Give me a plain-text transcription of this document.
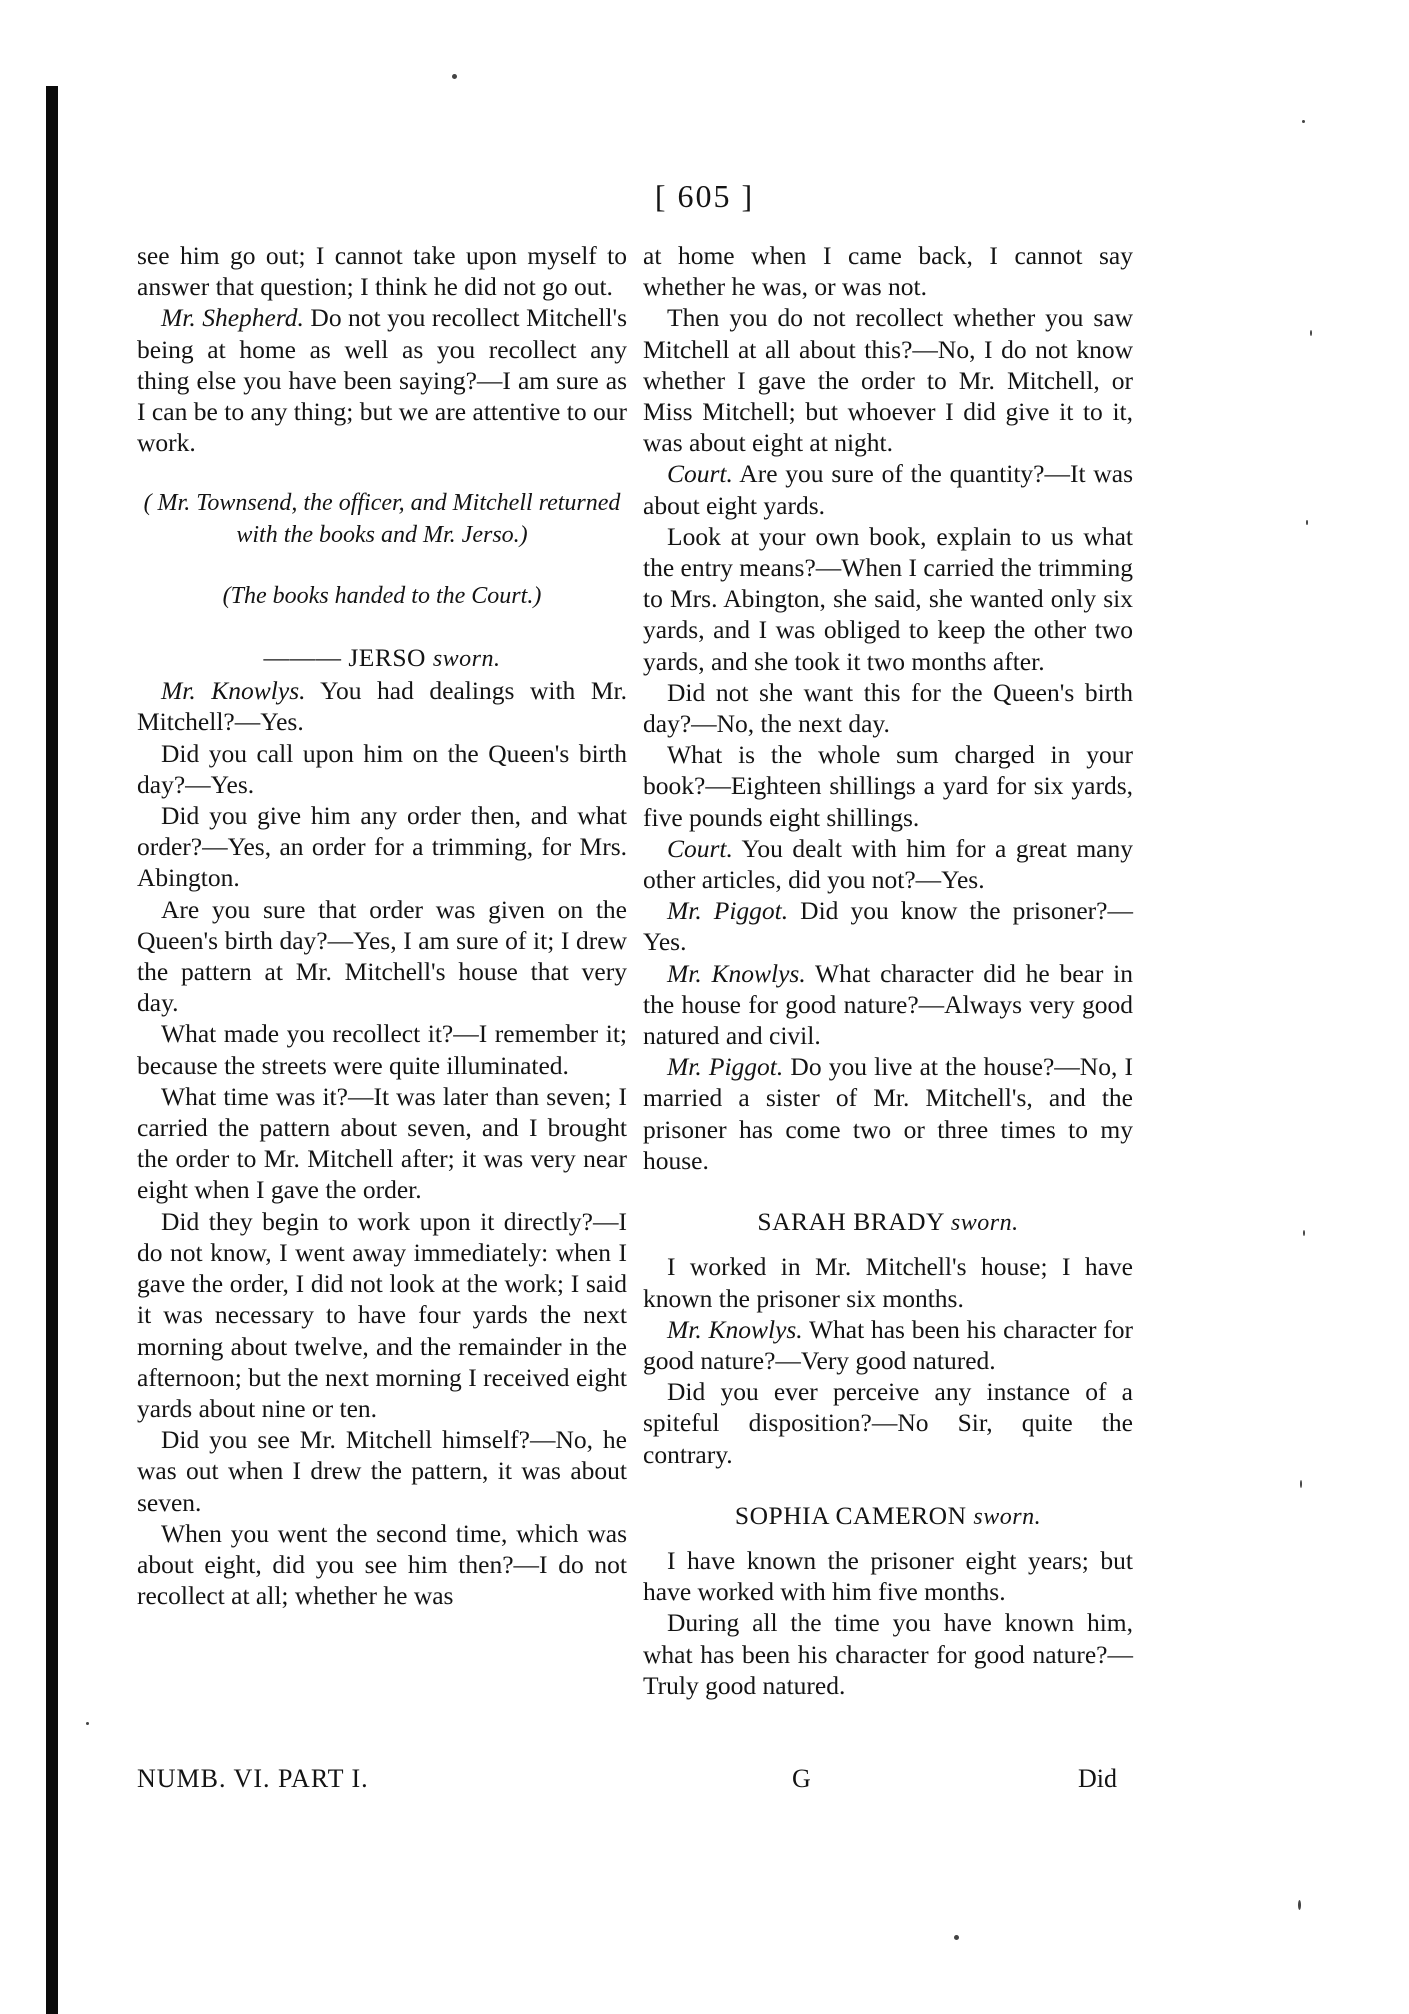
[ 605 ]

see him go out; I cannot take upon myself to answer that question; I think he did not go out.

Mr. Shepherd. Do not you recollect Mitchell's being at home as well as you recollect any thing else you have been saying?—I am sure as I can be to any thing; but we are attentive to our work.

( Mr. Townsend, the officer, and Mitchell returned with the books and Mr. Jerso.)

(The books handed to the Court.)

——— JERSO sworn.

Mr. Knowlys. You had dealings with Mr. Mitchell?—Yes.

Did you call upon him on the Queen's birth day?—Yes.

Did you give him any order then, and what order?—Yes, an order for a trimming, for Mrs. Abington.

Are you sure that order was given on the Queen's birth day?—Yes, I am sure of it; I drew the pattern at Mr. Mitchell's house that very day.

What made you recollect it?—I remember it; because the streets were quite illuminated.

What time was it?—It was later than seven; I carried the pattern about seven, and I brought the order to Mr. Mitchell after; it was very near eight when I gave the order.

Did they begin to work upon it directly?—I do not know, I went away immediately: when I gave the order, I did not look at the work; I said it was necessary to have four yards the next morning about twelve, and the remainder in the afternoon; but the next morning I received eight yards about nine or ten.

Did you see Mr. Mitchell himself?—No, he was out when I drew the pattern, it was about seven.

When you went the second time, which was about eight, did you see him then?—I do not recollect at all; whether he was

at home when I came back, I cannot say whether he was, or was not.

Then you do not recollect whether you saw Mitchell at all about this?—No, I do not know whether I gave the order to Mr. Mitchell, or Miss Mitchell; but whoever I did give it to it, was about eight at night.

Court. Are you sure of the quantity?—It was about eight yards.

Look at your own book, explain to us what the entry means?—When I carried the trimming to Mrs. Abington, she said, she wanted only six yards, and I was obliged to keep the other two yards, and she took it two months after.

Did not she want this for the Queen's birth day?—No, the next day.

What is the whole sum charged in your book?—Eighteen shillings a yard for six yards, five pounds eight shillings.

Court. You dealt with him for a great many other articles, did you not?—Yes.

Mr. Piggot. Did you know the prisoner?—Yes.

Mr. Knowlys. What character did he bear in the house for good nature?—Always very good natured and civil.

Mr. Piggot. Do you live at the house?—No, I married a sister of Mr. Mitchell's, and the prisoner has come two or three times to my house.

SARAH BRADY sworn.

I worked in Mr. Mitchell's house; I have known the prisoner six months.

Mr. Knowlys. What has been his character for good nature?—Very good natured.

Did you ever perceive any instance of a spiteful disposition?—No Sir, quite the contrary.

SOPHIA CAMERON sworn.

I have known the prisoner eight years; but have worked with him five months.

During all the time you have known him, what has been his character for good nature?—Truly good natured.

NUMB. VI. PART I.	G	Did
